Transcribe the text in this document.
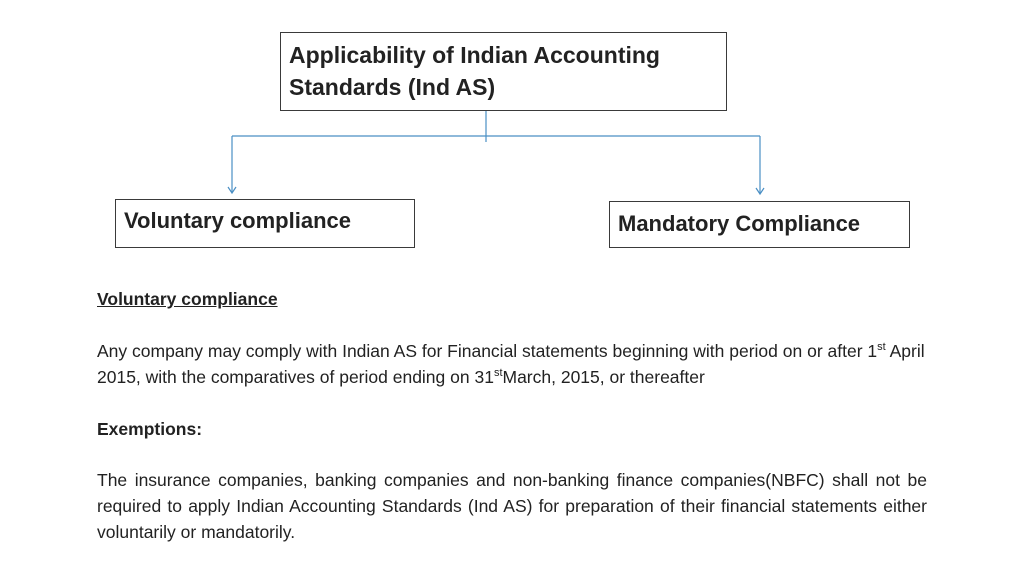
Applicability of Indian Accounting Standards (Ind AS)
Voluntary compliance	Mandatory Compliance
Voluntary compliance
Any company may comply with Indian AS for Financial statements beginning with period on or after 1st April 2015, with the comparatives of period ending on 31stMarch, 2015, or thereafter
Exemptions:
The insurance companies, banking companies and non-banking finance companies(NBFC) shall not be required to apply Indian Accounting Standards (Ind AS) for preparation of their financial statements either voluntarily or mandatorily.
